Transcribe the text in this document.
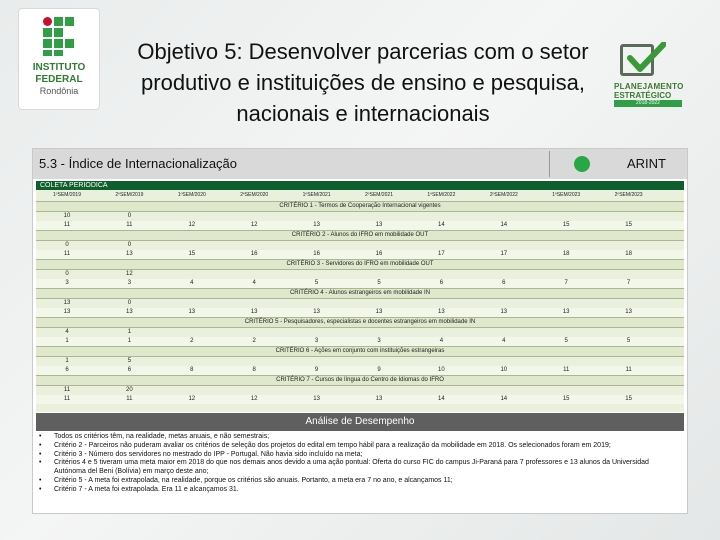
INSTITUTO
FEDERAL
Rondônia
Objetivo 5: Desenvolver parcerias com o setor produtivo e instituições de ensino e pesquisa, nacionais e internacionais
PLANEJAMENTO
ESTRATÉGICO
2018-2022
5.3 - Índice de Internacionalização	ARINT
COLETA PERIÓDICA
1ºSEM/2019	2ºSEM/2019	1ºSEM/2020	2ºSEM/2020	1ºSEM/2021	2ºSEM/2021	1ºSEM/2022	2ºSEM/2022	1ºSEM/2023	2ºSEM/2023
CRITÉRIO 1 - Termos de Cooperação Internacional vigentes
10	0
11	11	12	12	13	13	14	14	15	15
CRITÉRIO 2 - Alunos do IFRO em mobilidade OUT
0	0
11	13	15	16	16	16	17	17	18	18
CRITÉRIO 3 - Servidores do IFRO em mobilidade OUT
0	12
3	3	4	4	5	5	6	6	7	7
CRITÉRIO 4 - Alunos estrangeiros em mobilidade IN
13	0
13	13	13	13	13	13	13	13	13	13
CRITÉRIO 5 - Pesquisadores, especialistas e docentes estrangeiros em mobilidade IN
4	1
1	1	2	2	3	3	4	4	5	5
CRITÉRIO 6 - Ações em conjunto com instituições estrangeiras
1	5
6	6	8	8	9	9	10	10	11	11
CRITÉRIO 7 - Cursos de língua do Centro de Idiomas do IFRO
11	20
11	11	12	12	13	13	14	14	15	15
Análise de Desempenho
• Todos os critérios têm, na realidade, metas anuais, e não semestrais;
• Critério 2 - Parceiros não puderam avaliar os critérios de seleção dos projetos do edital em tempo hábil para a realização da mobilidade em 2018. Os selecionados foram em 2019;
• Critério 3 - Número dos servidores no mestrado do IPP - Portugal. Não havia sido incluído na meta;
• Critérios 4 e 5 tiveram uma meta maior em 2018 do que nos demais anos devido a uma ação pontual: Oferta do curso FIC do campus Ji-Paraná para 7 professores e 13 alunos da Universidad Autónoma del Beni (Bolívia) em março deste ano;
• Critério 5 - A meta foi extrapolada, na realidade, porque os critérios são anuais. Portanto, a meta era 7 no ano, e alcançamos 11;
• Critério 7 - A meta foi extrapolada. Era 11 e alcançamos 31.
